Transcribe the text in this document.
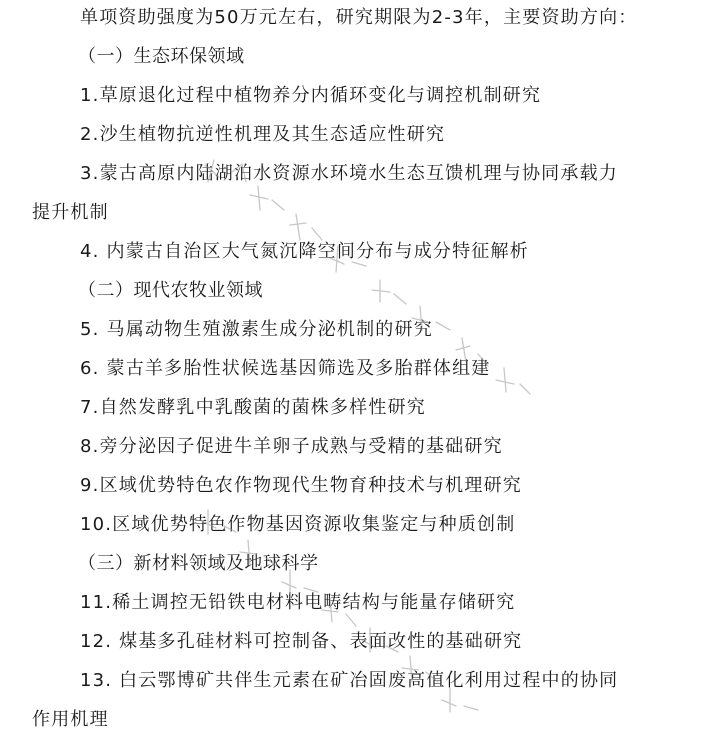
单项资助强度为50万元左右，研究期限为2-3年，主要资助方向：
（一）生态环保领域
1.草原退化过程中植物养分内循环变化与调控机制研究
2.沙生植物抗逆性机理及其生态适应性研究
3.蒙古高原内陆湖泊水资源水环境水生态互馈机理与协同承载力
提升机制
4. 内蒙古自治区大气氮沉降空间分布与成分特征解析
（二）现代农牧业领域
5. 马属动物生殖激素生成分泌机制的研究
6. 蒙古羊多胎性状候选基因筛选及多胎群体组建
7.自然发酵乳中乳酸菌的菌株多样性研究
8.旁分泌因子促进牛羊卵子成熟与受精的基础研究
9.区域优势特色农作物现代生物育种技术与机理研究
10.区域优势特色作物基因资源收集鉴定与种质创制
（三）新材料领域及地球科学
11.稀土调控无铅铁电材料电畴结构与能量存储研究
12. 煤基多孔硅材料可控制备、表面改性的基础研究
13. 白云鄂博矿共伴生元素在矿冶固废高值化利用过程中的协同
作用机理
